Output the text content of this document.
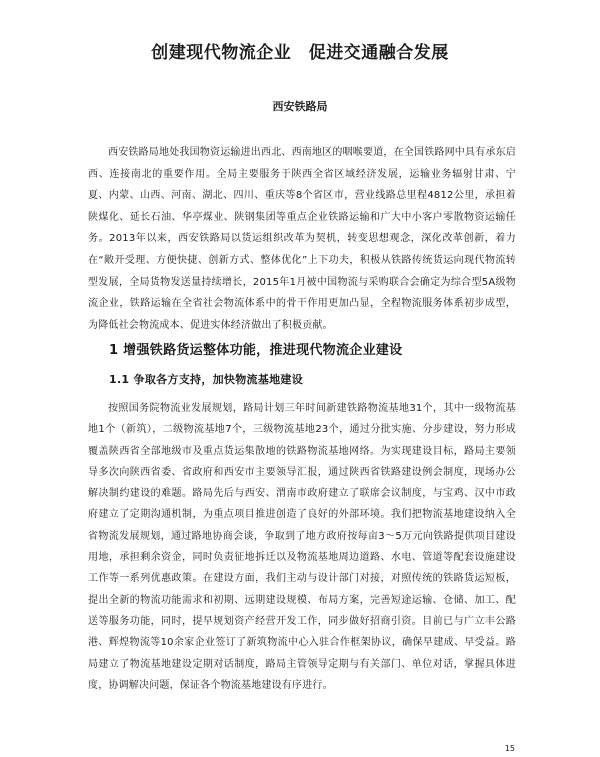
创建现代物流企业　促进交通融合发展
西安铁路局

西安铁路局地处我国物资运输进出西北、西南地区的咽喉要道，在全国铁路网中具有承东启西、连接南北的重要作用。全局主要服务于陕西全省区域经济发展，运输业务辐射甘肃、宁夏、内蒙、山西、河南、湖北、四川、重庆等8个省区市，营业线路总里程4812公里，承担着陕煤化、延长石油、华亭煤业、陕钢集团等重点企业铁路运输和广大中小客户零散物资运输任务。2013年以来，西安铁路局以货运组织改革为契机，转变思想观念，深化改革创新，着力在“敞开受理、方便快捷、创新方式、整体优化”上下功夫，积极从铁路传统货运向现代物流转型发展，全局货物发送量持续增长，2015年1月被中国物流与采购联合会确定为综合型5A级物流企业，铁路运输在全省社会物流体系中的骨干作用更加凸显，全程物流服务体系初步成型，为降低社会物流成本、促进实体经济做出了积极贡献。

1 增强铁路货运整体功能，推进现代物流企业建设
1.1 争取各方支持，加快物流基地建设

按照国务院物流业发展规划，路局计划三年时间新建铁路物流基地31个，其中一级物流基地1个（新筑），二级物流基地7个，三级物流基地23个，通过分批实施、分步建设，努力形成覆盖陕西省全部地级市及重点货运集散地的铁路物流基地网络。为实现建设目标，路局主要领导多次向陕西省委、省政府和西安市主要领导汇报，通过陕西省铁路建设例会制度，现场办公解决制约建设的难题。路局先后与西安、渭南市政府建立了联席会议制度，与宝鸡、汉中市政府建立了定期沟通机制，为重点项目推进创造了良好的外部环境。我们把物流基地建设纳入全省物流发展规划，通过路地协商会谈，争取到了地方政府按每亩3～5万元向铁路提供项目建设用地，承担剩余资金，同时负责征地拆迁以及物流基地周边道路、水电、管道等配套设施建设工作等一系列优惠政策。在建设方面，我们主动与设计部门对接，对照传统的铁路货运短板，提出全新的物流功能需求和初期、远期建设规模、布局方案，完善短途运输、仓储、加工、配送等服务功能，同时，提早规划资产经营开发工作，同步做好招商引资。目前已与广立丰公路港、辉煌物流等10余家企业签订了新筑物流中心入驻合作框架协议，确保早建成、早受益。路局建立了物流基地建设定期对话制度，路局主管领导定期与有关部门、单位对话，掌握具体进度，协调解决问题，保证各个物流基地建设有序进行。

15
